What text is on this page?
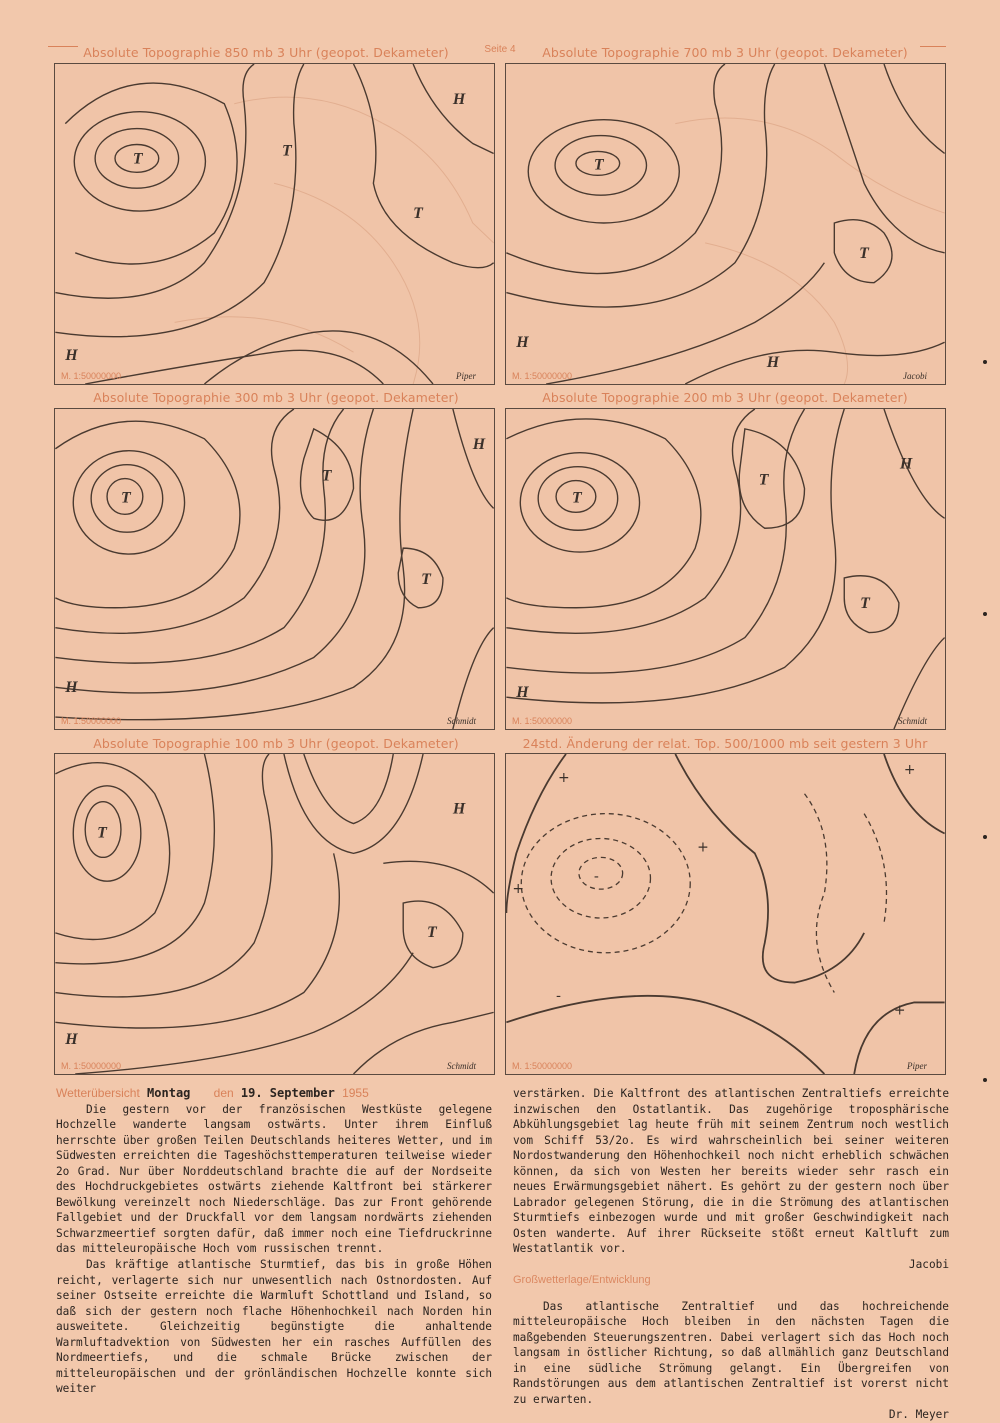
Seite 4
Absolute Topographie 850 mb 3 Uhr (geopot. Dekameter)
T	T
T
H
H
M. 1:50000000	Piper
Absolute Topographie 700 mb 3 Uhr (geopot. Dekameter)
T
T
H
H
M. 1:50000000	Jacobi
Absolute Topographie 300 mb 3 Uhr (geopot. Dekameter)
T
T
T
H
H
M. 1:50000000	Schmidt
Absolute Topographie 200 mb 3 Uhr (geopot. Dekameter)
T
T
T
H
H
M. 1:50000000	Schmidt
Absolute Topographie 100 mb 3 Uhr (geopot. Dekameter)
T
T
H
H
M. 1:50000000	Schmidt
24std. Änderung der relat. Top. 500/1000 mb seit gestern 3 Uhr
+
+
+
+
-
-
+
M. 1:50000000	Piper
Wetterübersicht Montag den 19. September 1955

Die gestern vor der französischen Westküste gelegene Hochzelle wanderte langsam ostwärts. Unter ihrem Einfluß herrschte über großen Teilen Deutschlands heiteres Wetter, und im Südwesten erreichten die Tageshöchsttemperaturen teilweise wieder 2o Grad. Nur über Norddeutschland brachte die auf der Nordseite des Hochdruckgebietes ostwärts ziehende Kaltfront bei stärkerer Bewölkung vereinzelt noch Niederschläge. Das zur Front gehörende Fallgebiet und der Druckfall vor dem langsam nordwärts ziehenden Schwarzmeertief sorgten dafür, daß immer noch eine Tiefdruckrinne das mitteleuropäische Hoch vom russischen trennt.

Das kräftige atlantische Sturmtief, das bis in große Höhen reicht, verlagerte sich nur unwesentlich nach Ostnordosten. Auf seiner Ostseite erreichte die Warmluft Schottland und Island, so daß sich der gestern noch flache Höhenhochkeil nach Norden hin ausweitete. Gleichzeitig begünstigte die anhaltende Warmluftadvektion von Südwesten her ein rasches Auffüllen des Nordmeertiefs, und die schmale Brücke zwischen der mitteleuropäischen und der grönländischen Hochzelle konnte sich weiter

verstärken. Die Kaltfront des atlantischen Zentraltiefs erreichte inzwischen den Ostatlantik. Das zugehörige troposphärische Abkühlungsgebiet lag heute früh mit seinem Zentrum noch westlich vom Schiff 53/2o. Es wird wahrscheinlich bei seiner weiteren Nordostwanderung den Höhenhochkeil noch nicht erheblich schwächen können, da sich von Westen her bereits wieder sehr rasch ein neues Erwärmungsgebiet nähert. Es gehört zu der gestern noch über Labrador gelegenen Störung, die in die Strömung des atlantischen Sturmtiefs einbezogen wurde und mit großer Geschwindigkeit nach Osten wanderte. Auf ihrer Rückseite stößt erneut Kaltluft zum Westatlantik vor.

Jacobi
Großwetterlage/Entwicklung

Das atlantische Zentraltief und das hochreichende mitteleuropäische Hoch bleiben in den nächsten Tagen die maßgebenden Steuerungszentren. Dabei verlagert sich das Hoch noch langsam in östlicher Richtung, so daß allmählich ganz Deutschland in eine südliche Strömung gelangt. Ein Übergreifen von Randstörungen aus dem atlantischen Zentraltief ist vorerst nicht zu erwarten.

Dr. Meyer
